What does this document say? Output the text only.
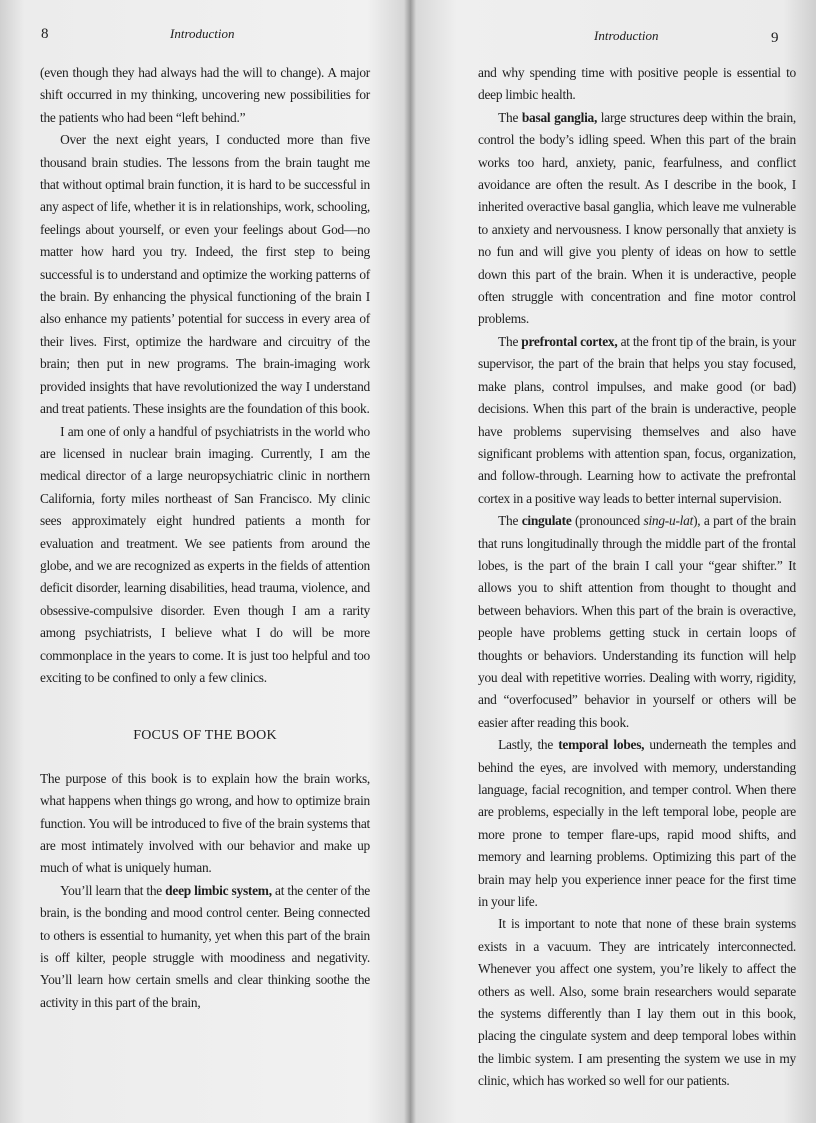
8	Introduction

(even though they had always had the will to change). A major shift occurred in my thinking, uncovering new possibilities for the patients who had been “left behind.”

Over the next eight years, I conducted more than five thousand brain studies. The lessons from the brain taught me that without optimal brain function, it is hard to be successful in any aspect of life, whether it is in relationships, work, schooling, feelings about yourself, or even your feelings about God—no matter how hard you try. Indeed, the first step to being successful is to understand and optimize the working patterns of the brain. By enhancing the physical functioning of the brain I also enhance my patients’ potential for success in every area of their lives. First, optimize the hardware and circuitry of the brain; then put in new programs. The brain-imaging work provided insights that have revolutionized the way I understand and treat patients. These insights are the foundation of this book.

I am one of only a handful of psychiatrists in the world who are licensed in nuclear brain imaging. Currently, I am the medical director of a large neuropsychiatric clinic in northern California, forty miles northeast of San Francisco. My clinic sees approximately eight hundred patients a month for evaluation and treatment. We see patients from around the globe, and we are recognized as experts in the fields of attention deficit disorder, learning disabilities, head trauma, violence, and obsessive-compulsive disorder. Even though I am a rarity among psychiatrists, I believe what I do will be more commonplace in the years to come. It is just too helpful and too exciting to be confined to only a few clinics.

FOCUS OF THE BOOK

The purpose of this book is to explain how the brain works, what happens when things go wrong, and how to optimize brain function. You will be introduced to five of the brain systems that are most intimately involved with our behavior and make up much of what is uniquely human.

You’ll learn that the deep limbic system, at the center of the brain, is the bonding and mood control center. Being connected to others is essential to humanity, yet when this part of the brain is off kilter, people struggle with moodiness and negativity. You’ll learn how certain smells and clear thinking soothe the activity in this part of the brain,

Introduction	9

and why spending time with positive people is essential to deep limbic health.

The basal ganglia, large structures deep within the brain, control the body’s idling speed. When this part of the brain works too hard, anxiety, panic, fearfulness, and conflict avoidance are often the result. As I describe in the book, I inherited overactive basal ganglia, which leave me vulnerable to anxiety and nervousness. I know personally that anxiety is no fun and will give you plenty of ideas on how to settle down this part of the brain. When it is underactive, people often struggle with concentration and fine motor control problems.

The prefrontal cortex, at the front tip of the brain, is your supervisor, the part of the brain that helps you stay focused, make plans, control impulses, and make good (or bad) decisions. When this part of the brain is underactive, people have problems supervising themselves and also have significant problems with attention span, focus, organization, and follow-through. Learning how to activate the prefrontal cortex in a positive way leads to better internal supervision.

The cingulate (pronounced sing-u-lat), a part of the brain that runs longitudinally through the middle part of the frontal lobes, is the part of the brain I call your “gear shifter.” It allows you to shift attention from thought to thought and between behaviors. When this part of the brain is overactive, people have problems getting stuck in certain loops of thoughts or behaviors. Understanding its function will help you deal with repetitive worries. Dealing with worry, rigidity, and “overfocused” behavior in yourself or others will be easier after reading this book.

Lastly, the temporal lobes, underneath the temples and behind the eyes, are involved with memory, understanding language, facial recognition, and temper control. When there are problems, especially in the left temporal lobe, people are more prone to temper flare-ups, rapid mood shifts, and memory and learning problems. Optimizing this part of the brain may help you experience inner peace for the first time in your life.

It is important to note that none of these brain systems exists in a vacuum. They are intricately interconnected. Whenever you affect one system, you’re likely to affect the others as well. Also, some brain researchers would separate the systems differently than I lay them out in this book, placing the cingulate system and deep temporal lobes within the limbic system. I am presenting the system we use in my clinic, which has worked so well for our patients.
